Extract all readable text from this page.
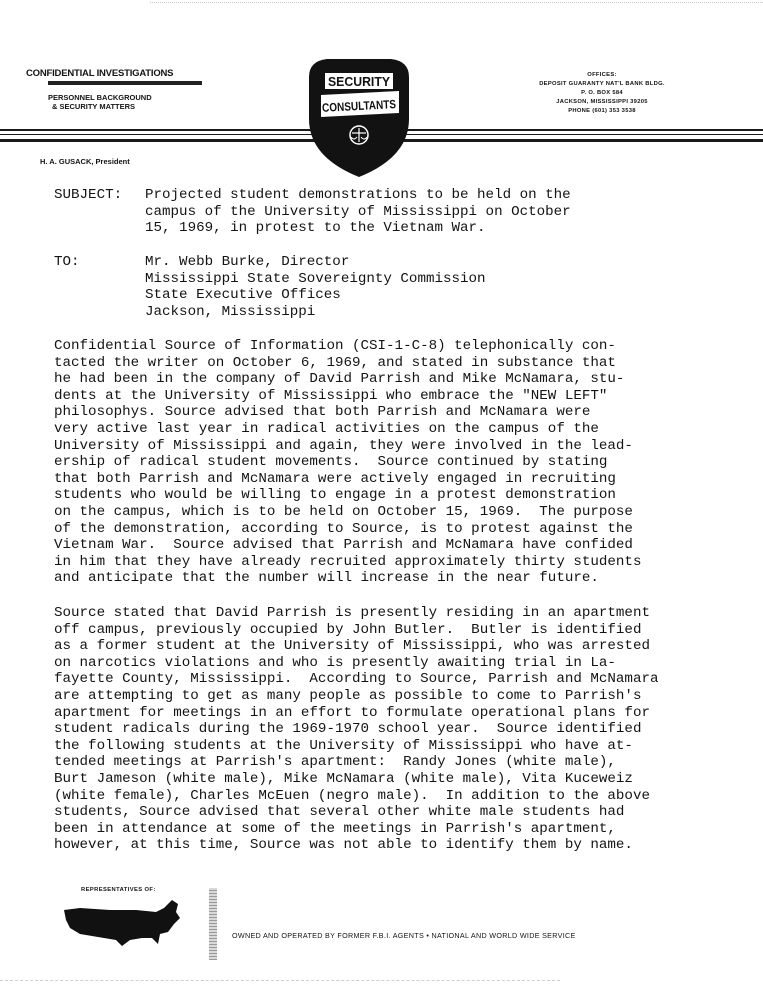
CONFIDENTIAL INVESTIGATIONS
PERSONNEL BACKGROUND
& SECURITY MATTERS
OFFICES:
DEPOSIT GUARANTY NAT'L BANK BLDG.
P. O. BOX 584
JACKSON, MISSISSIPPI 39205
PHONE (601) 353 3538
SECURITY
CONSULTANTS
H. A. GUSACK, President
SUBJECT: Projected student demonstrations to be held on the
campus of the University of Mississippi on October
15, 1969, in protest to the Vietnam War.
TO:	Mr. Webb Burke, Director
Mississippi State Sovereignty Commission
State Executive Offices
Jackson, Mississippi
Confidential Source of Information (CSI-1-C-8) telephonically con-
tacted the writer on October 6, 1969, and stated in substance that
he had been in the company of David Parrish and Mike McNamara, stu-
dents at the University of Mississippi who embrace the "NEW LEFT"
philosophys. Source advised that both Parrish and McNamara were
very active last year in radical activities on the campus of the
University of Mississippi and again, they were involved in the lead-
ership of radical student movements.  Source continued by stating
that both Parrish and McNamara were actively engaged in recruiting
students who would be willing to engage in a protest demonstration
on the campus, which is to be held on October 15, 1969.  The purpose
of the demonstration, according to Source, is to protest against the
Vietnam War.  Source advised that Parrish and McNamara have confided
in him that they have already recruited approximately thirty students
and anticipate that the number will increase in the near future.
Source stated that David Parrish is presently residing in an apartment
off campus, previously occupied by John Butler.  Butler is identified
as a former student at the University of Mississippi, who was arrested
on narcotics violations and who is presently awaiting trial in La-
fayette County, Mississippi.  According to Source, Parrish and McNamara
are attempting to get as many people as possible to come to Parrish's
apartment for meetings in an effort to formulate operational plans for
student radicals during the 1969-1970 school year.  Source identified
the following students at the University of Mississippi who have at-
tended meetings at Parrish's apartment:  Randy Jones (white male),
Burt Jameson (white male), Mike McNamara (white male), Vita Kuceweiz
(white female), Charles McEuen (negro male).  In addition to the above
students, Source advised that several other white male students had
been in attendance at some of the meetings in Parrish's apartment,
however, at this time, Source was not able to identify them by name.
REPRESENTATIVES OF:
OWNED AND OPERATED BY FORMER F.B.I. AGENTS • NATIONAL AND WORLD WIDE SERVICE
